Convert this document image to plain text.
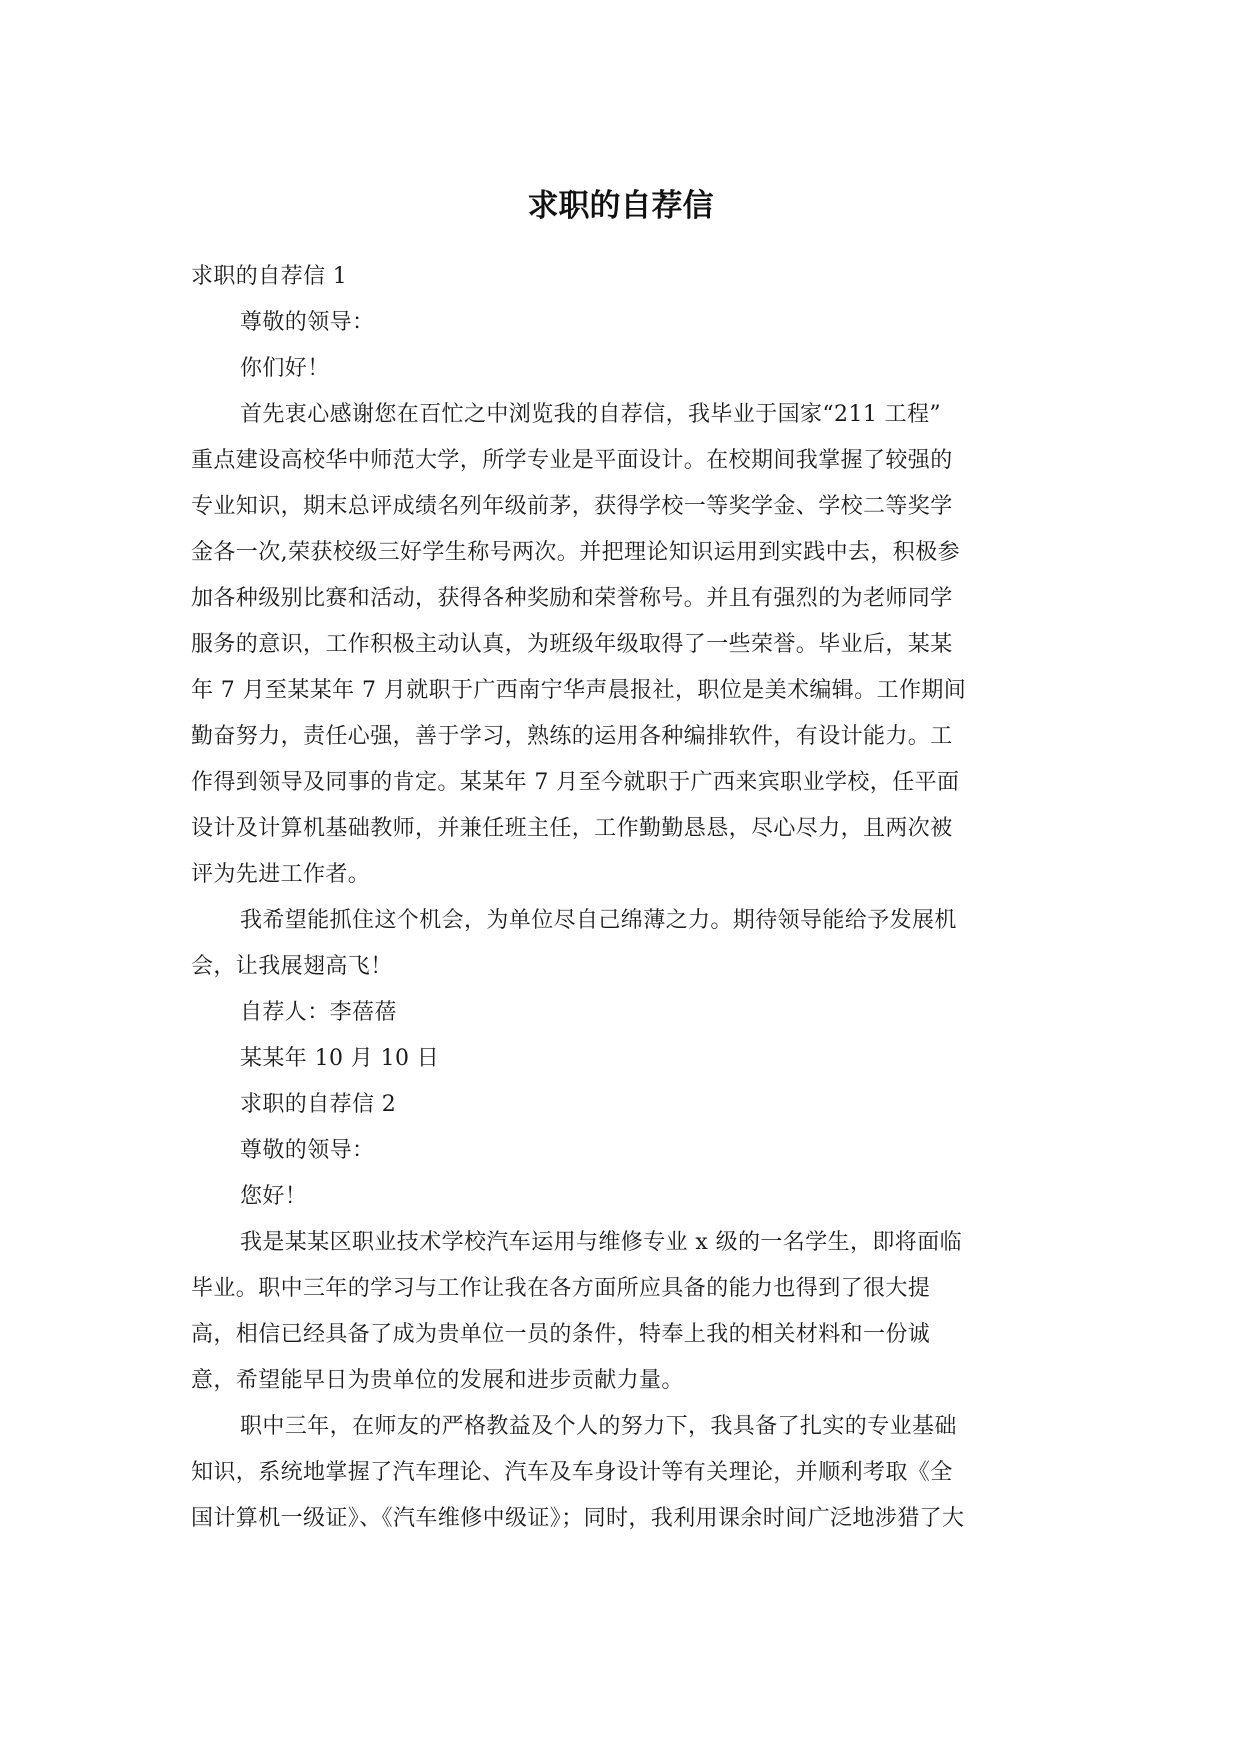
求职的自荐信

求职的自荐信 1

尊敬的领导：

你们好！

首先衷心感谢您在百忙之中浏览我的自荐信，我毕业于国家“211 工程”
重点建设高校华中师范大学，所学专业是平面设计。在校期间我掌握了较强的
专业知识，期末总评成绩名列年级前茅，获得学校一等奖学金、学校二等奖学
金各一次,荣获校级三好学生称号两次。并把理论知识运用到实践中去，积极参
加各种级别比赛和活动，获得各种奖励和荣誉称号。并且有强烈的为老师同学
服务的意识，工作积极主动认真，为班级年级取得了一些荣誉。毕业后，某某
年 7 月至某某年 7 月就职于广西南宁华声晨报社，职位是美术编辑。工作期间
勤奋努力，责任心强，善于学习，熟练的运用各种编排软件，有设计能力。工
作得到领导及同事的肯定。某某年 7 月至今就职于广西来宾职业学校，任平面
设计及计算机基础教师，并兼任班主任，工作勤勤恳恳，尽心尽力，且两次被
评为先进工作者。

我希望能抓住这个机会，为单位尽自己绵薄之力。期待领导能给予发展机
会，让我展翅高飞！

自荐人：李蓓蓓

某某年 10 月 10 日

求职的自荐信 2

尊敬的领导：

您好！

我是某某区职业技术学校汽车运用与维修专业 x 级的一名学生，即将面临
毕业。职中三年的学习与工作让我在各方面所应具备的能力也得到了很大提
高，相信已经具备了成为贵单位一员的条件，特奉上我的相关材料和一份诚
意，希望能早日为贵单位的发展和进步贡献力量。

职中三年，在师友的严格教益及个人的努力下，我具备了扎实的专业基础
知识，系统地掌握了汽车理论、汽车及车身设计等有关理论，并顺利考取《全
国计算机一级证》、《汽车维修中级证》；同时，我利用课余时间广泛地涉猎了大
